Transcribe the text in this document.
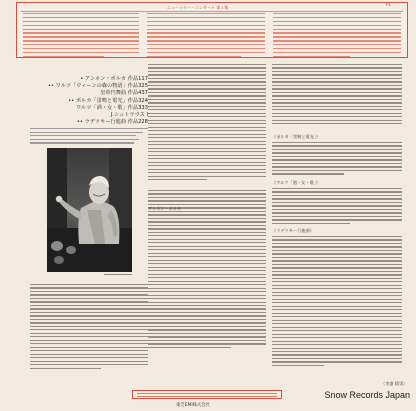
ニューイヤー・コンサート 第１集
P1
• アンネン・ポルカ 作品117
•• ワルツ「ウィーンの森の物語」作品325
皇帝円舞曲 作品437
•• ポルカ「雷鳴と電光」作品324
ワルツ「酒・女・歌」作品333
J.シュトラウス Ⅰ
•• ラデツキー行進曲 作品228
アンネン・ポルカ
《ポルカ「雷鳴と電光」》
《ワルツ「酒・女・歌」》
《ラデツキー行進曲》
〈市盛 精男〉
東芝EMI株式会社
Snow Records Japan
